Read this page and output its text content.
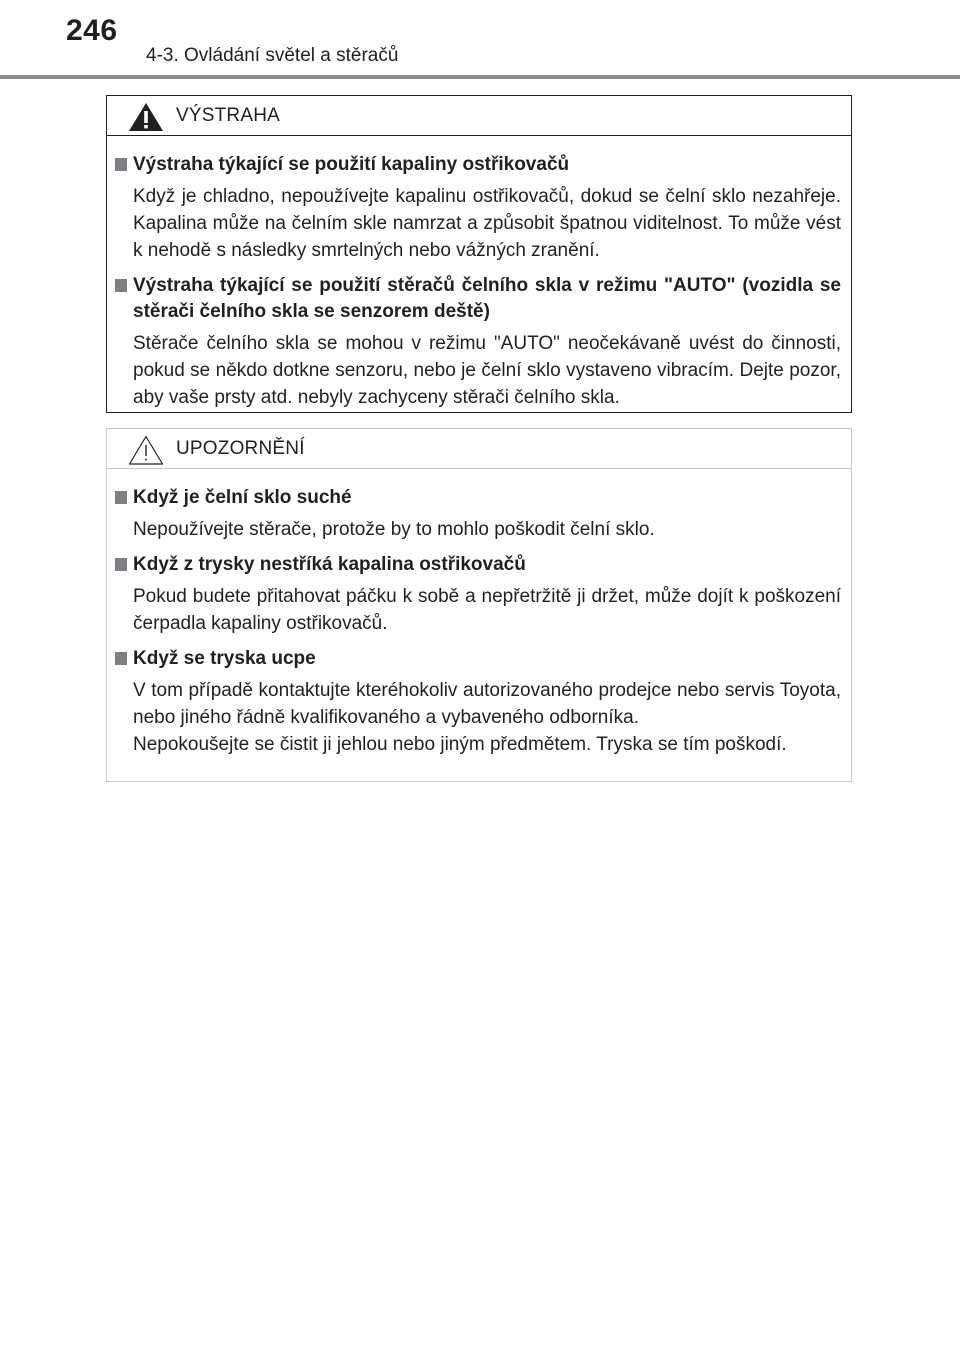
246
4-3. Ovládání světel a stěračů
VÝSTRAHA
Výstraha týkající se použití kapaliny ostřikovačů

Když je chladno, nepoužívejte kapalinu ostřikovačů, dokud se čelní sklo nezahřeje. Kapalina může na čelním skle namrzat a způsobit špatnou viditelnost. To může vést k nehodě s následky smrtelných nebo vážných zranění.

Výstraha týkající se použití stěračů čelního skla v režimu "AUTO" (vozidla se stěrači čelního skla se senzorem deště)

Stěrače čelního skla se mohou v režimu "AUTO" neočekávaně uvést do činnosti, pokud se někdo dotkne senzoru, nebo je čelní sklo vystaveno vibracím. Dejte pozor, aby vaše prsty atd. nebyly zachyceny stěrači čelního skla.

UPOZORNĚNÍ
Když je čelní sklo suché

Nepoužívejte stěrače, protože by to mohlo poškodit čelní sklo.

Když z trysky nestříká kapalina ostřikovačů

Pokud budete přitahovat páčku k sobě a nepřetržitě ji držet, může dojít k poškození čerpadla kapaliny ostřikovačů.

Když se tryska ucpe

V tom případě kontaktujte kteréhokoliv autorizovaného prodejce nebo servis Toyota, nebo jiného řádně kvalifikovaného a vybaveného odborníka.

Nepokoušejte se čistit ji jehlou nebo jiným předmětem. Tryska se tím poškodí.
